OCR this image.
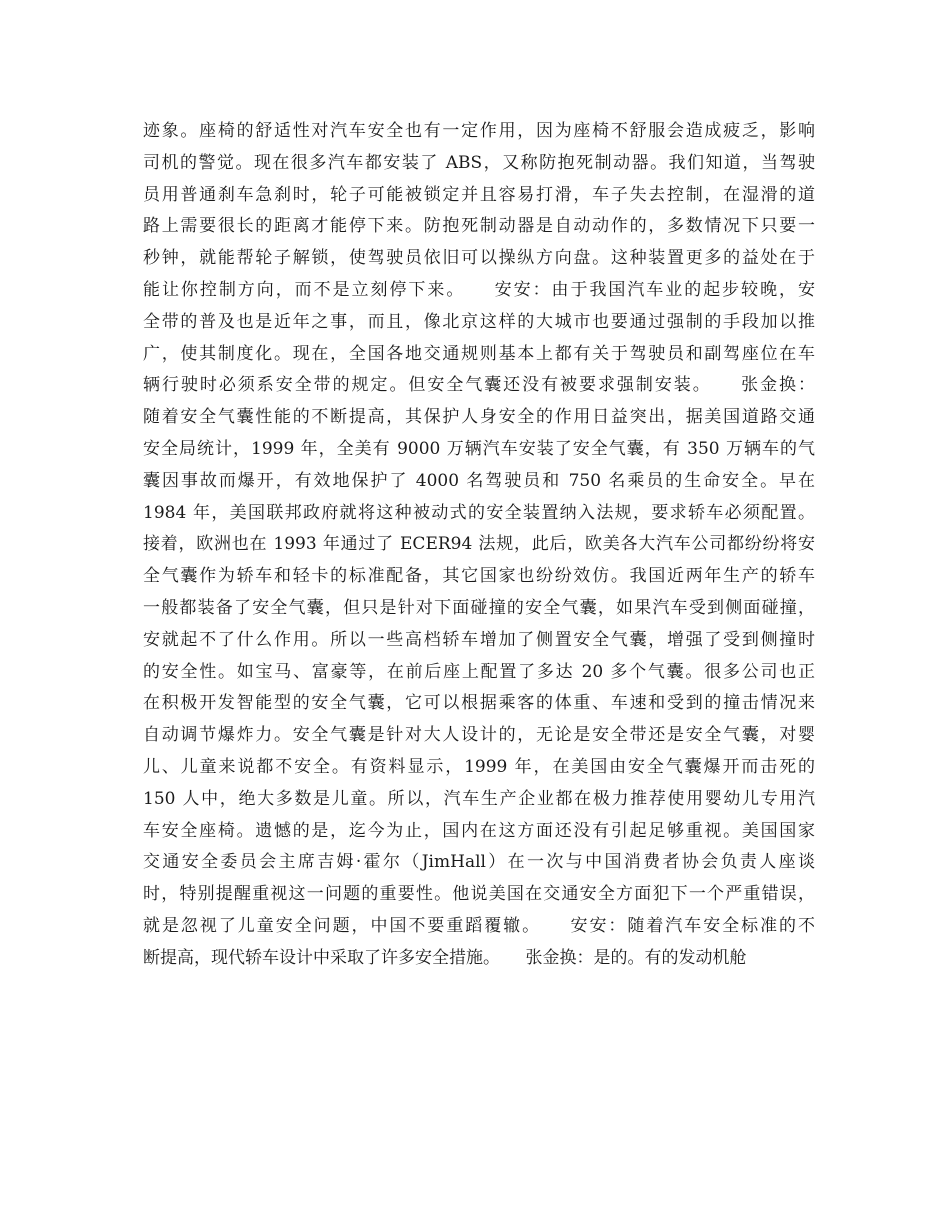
迹象。座椅的舒适性对汽车安全也有一定作用，因为座椅不舒服会造成疲乏，影响
司机的警觉。现在很多汽车都安装了 ABS，又称防抱死制动器。我们知道，当驾驶
员用普通刹车急刹时，轮子可能被锁定并且容易打滑，车子失去控制，在湿滑的道
路上需要很长的距离才能停下来。防抱死制动器是自动动作的，多数情况下只要一
秒钟，就能帮轮子解锁，使驾驶员依旧可以操纵方向盘。这种装置更多的益处在于
能让你控制方向，而不是立刻停下来。　　安安：由于我国汽车业的起步较晚，安
全带的普及也是近年之事，而且，像北京这样的大城市也要通过强制的手段加以推
广，使其制度化。现在，全国各地交通规则基本上都有关于驾驶员和副驾座位在车
辆行驶时必须系安全带的规定。但安全气囊还没有被要求强制安装。　　张金换：
随着安全气囊性能的不断提高，其保护人身安全的作用日益突出，据美国道路交通
安全局统计，1999 年，全美有 9000 万辆汽车安装了安全气囊，有 350 万辆车的气
囊因事故而爆开，有效地保护了 4000 名驾驶员和 750 名乘员的生命安全。早在
1984 年，美国联邦政府就将这种被动式的安全装置纳入法规，要求轿车必须配置。
接着，欧洲也在 1993 年通过了 ECER94 法规，此后，欧美各大汽车公司都纷纷将安
全气囊作为轿车和轻卡的标准配备，其它国家也纷纷效仿。我国近两年生产的轿车
一般都装备了安全气囊，但只是针对下面碰撞的安全气囊，如果汽车受到侧面碰撞，
安就起不了什么作用。所以一些高档轿车增加了侧置安全气囊，增强了受到侧撞时
的安全性。如宝马、富豪等，在前后座上配置了多达 20 多个气囊。很多公司也正
在积极开发智能型的安全气囊，它可以根据乘客的体重、车速和受到的撞击情况来
自动调节爆炸力。安全气囊是针对大人设计的，无论是安全带还是安全气囊，对婴
儿、儿童来说都不安全。有资料显示，1999 年，在美国由安全气囊爆开而击死的
150 人中，绝大多数是儿童。所以，汽车生产企业都在极力推荐使用婴幼儿专用汽
车安全座椅。遗憾的是，迄今为止，国内在这方面还没有引起足够重视。美国国家
交通安全委员会主席吉姆·霍尔（JimHall）在一次与中国消费者协会负责人座谈
时，特别提醒重视这一问题的重要性。他说美国在交通安全方面犯下一个严重错误，
就是忽视了儿童安全问题，中国不要重蹈覆辙。　　安安：随着汽车安全标准的不
断提高，现代轿车设计中采取了许多安全措施。　　张金换：是的。有的发动机舱
